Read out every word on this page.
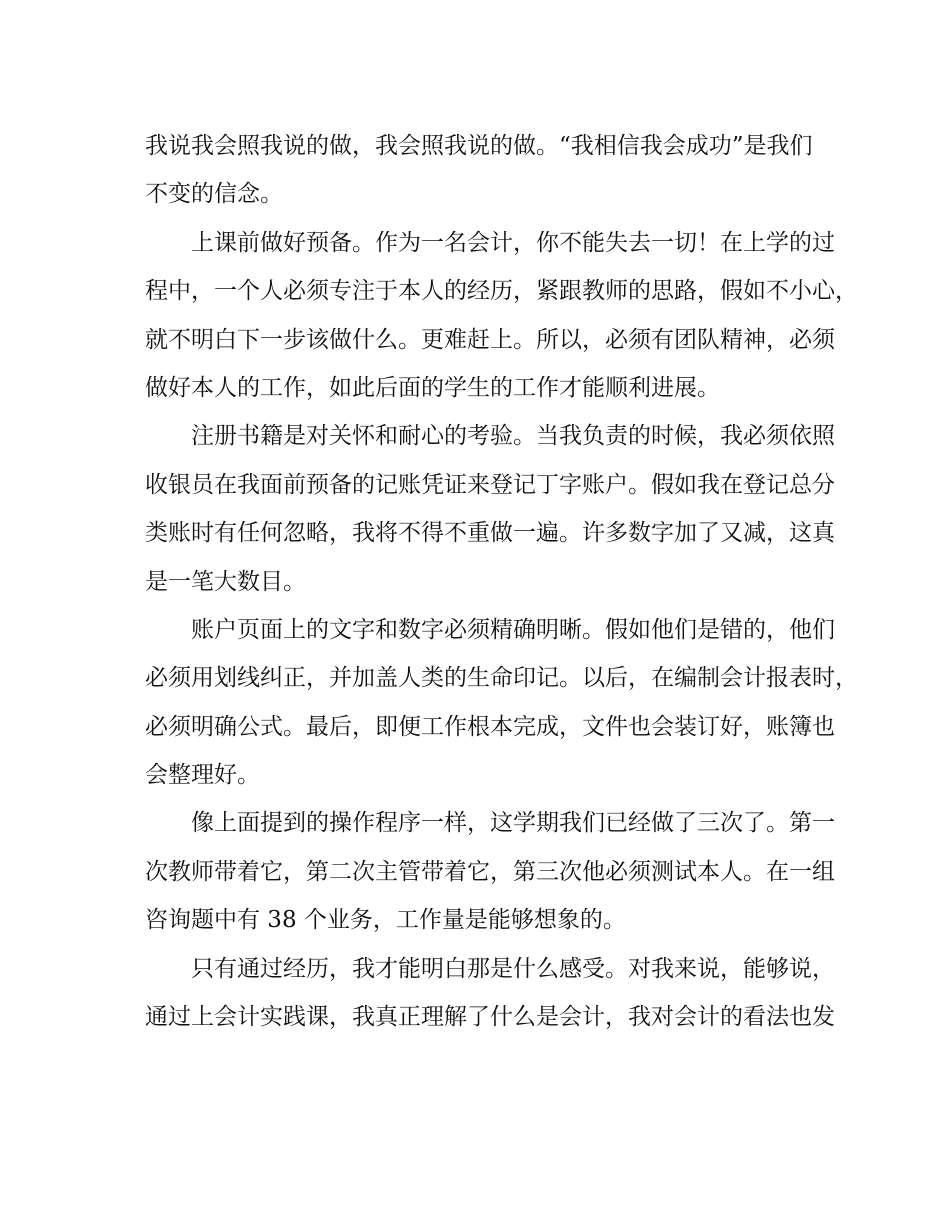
我说我会照我说的做，我会照我说的做。“我相信我会成功”是我们
不变的信念。
上课前做好预备。作为一名会计，你不能失去一切！在上学的过
程中，一个人必须专注于本人的经历，紧跟教师的思路，假如不小心，
就不明白下一步该做什么。更难赶上。所以，必须有团队精神，必须
做好本人的工作，如此后面的学生的工作才能顺利进展。
注册书籍是对关怀和耐心的考验。当我负责的时候，我必须依照
收银员在我面前预备的记账凭证来登记丁字账户。假如我在登记总分
类账时有任何忽略，我将不得不重做一遍。许多数字加了又减，这真
是一笔大数目。
账户页面上的文字和数字必须精确明晰。假如他们是错的，他们
必须用划线纠正，并加盖人类的生命印记。以后，在编制会计报表时，
必须明确公式。最后，即便工作根本完成，文件也会装订好，账簿也
会整理好。
像上面提到的操作程序一样，这学期我们已经做了三次了。第一
次教师带着它，第二次主管带着它，第三次他必须测试本人。在一组
咨询题中有 38 个业务，工作量是能够想象的。
只有通过经历，我才能明白那是什么感受。对我来说，能够说，
通过上会计实践课，我真正理解了什么是会计，我对会计的看法也发
